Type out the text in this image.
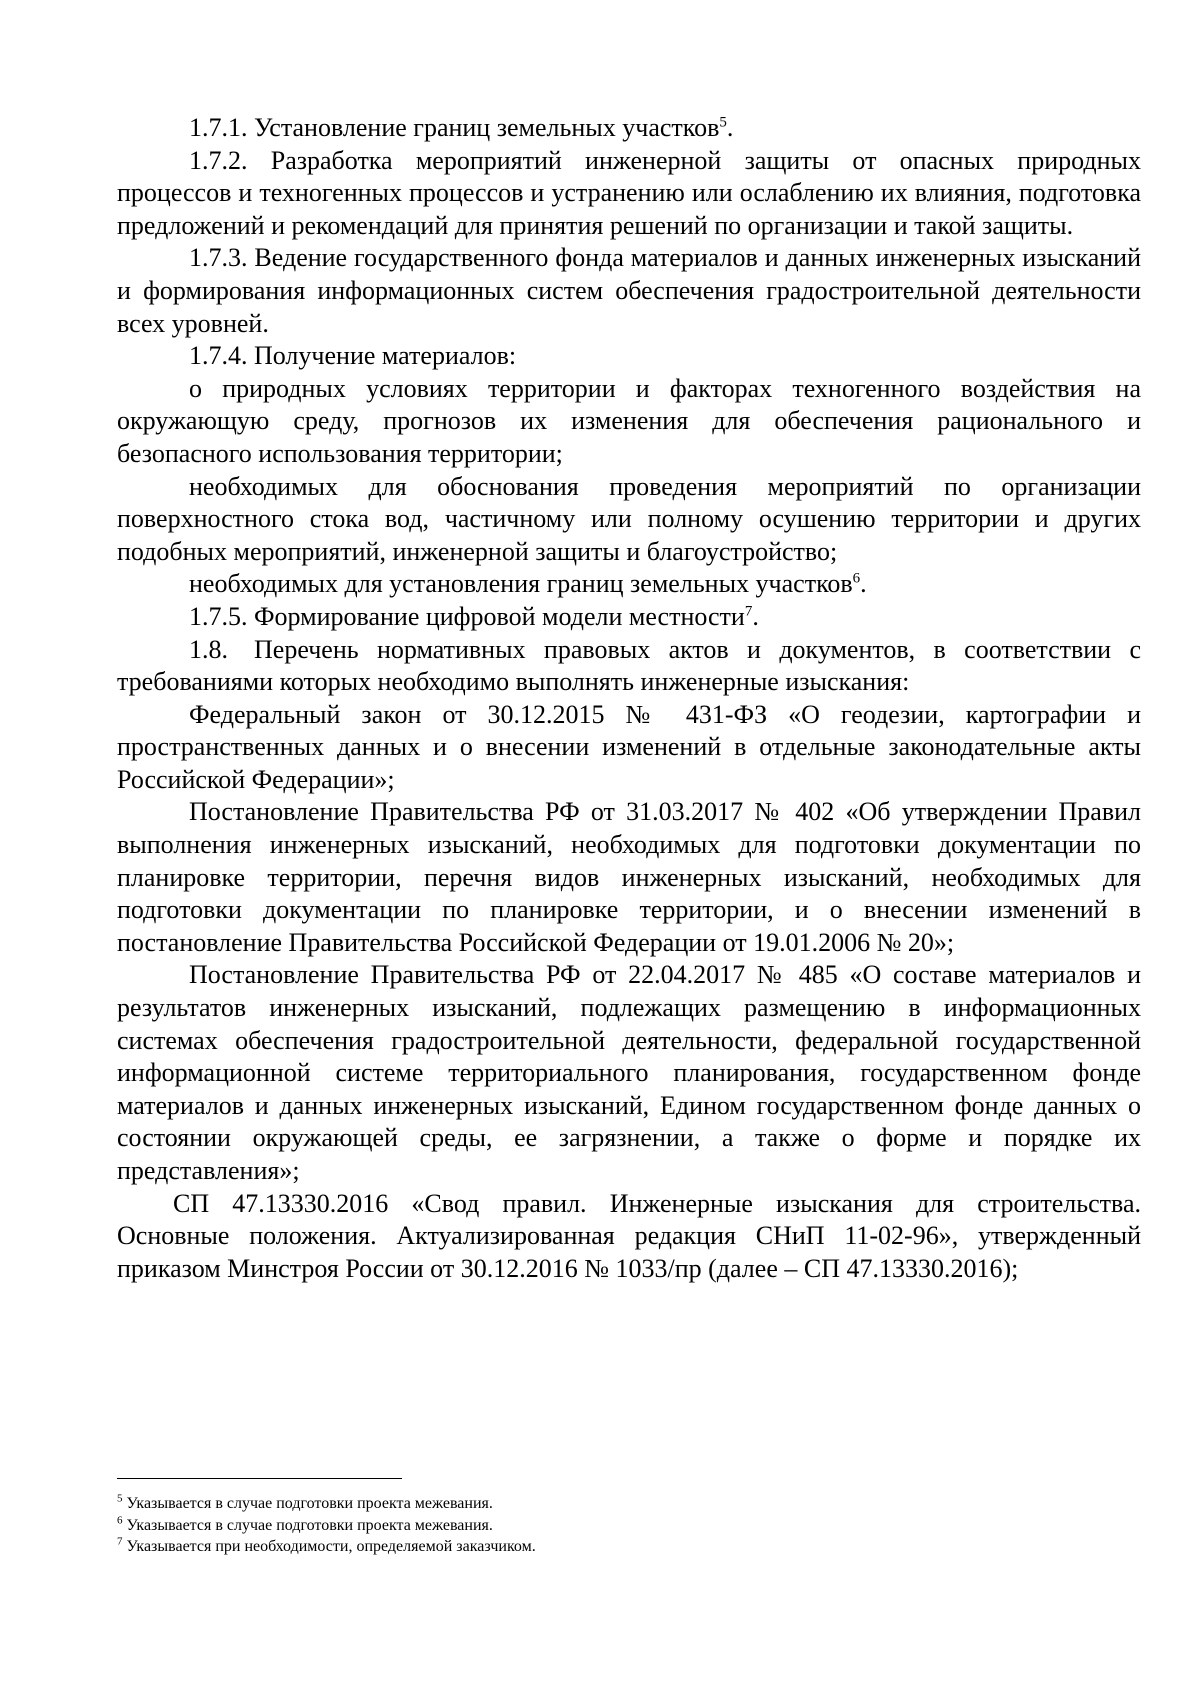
1.7.1. Установление границ земельных участков$^5$.

1.7.2. Разработка мероприятий инженерной защиты от опасных природных процессов и техногенных процессов и устранению или ослаблению их влияния, подготовка предложений и рекомендаций для принятия решений по организации и такой защиты.

1.7.3. Ведение государственного фонда материалов и данных инженерных изысканий и формирования информационных систем обеспечения градостроительной деятельности всех уровней.

1.7.4. Получение материалов:

о природных условиях территории и факторах техногенного воздействия на окружающую среду, прогнозов их изменения для обеспечения рационального и безопасного использования территории;

необходимых для обоснования проведения мероприятий по организации поверхностного стока вод, частичному или полному осушению территории и других подобных мероприятий, инженерной защиты и благоустройство;

необходимых для установления границ земельных участков$^6$.

1.7.5. Формирование цифровой модели местности$^7$.

1.8. Перечень нормативных правовых актов и документов, в соответствии с требованиями которых необходимо выполнять инженерные изыскания:

Федеральный закон от 30.12.2015 № 431-ФЗ «О геодезии, картографии и пространственных данных и о внесении изменений в отдельные законодательные акты Российской Федерации»;

Постановление Правительства РФ от 31.03.2017 № 402 «Об утверждении Правил выполнения инженерных изысканий, необходимых для подготовки документации по планировке территории, перечня видов инженерных изысканий, необходимых для подготовки документации по планировке территории, и о внесении изменений в постановление Правительства Российской Федерации от 19.01.2006 № 20»;

Постановление Правительства РФ от 22.04.2017 № 485 «О составе материалов и результатов инженерных изысканий, подлежащих размещению в информационных системах обеспечения градостроительной деятельности, федеральной государственной информационной системе территориального планирования, государственном фонде материалов и данных инженерных изысканий, Едином государственном фонде данных о состоянии окружающей среды, ее загрязнении, а также о форме и порядке их представления»;

СП 47.13330.2016 «Свод правил. Инженерные изыскания для строительства. Основные положения. Актуализированная редакция СНиП 11-02-96», утвержденный приказом Минстроя России от 30.12.2016 № 1033/пр (далее – СП 47.13330.2016);

$^5$ Указывается в случае подготовки проекта межевания.

$^6$ Указывается в случае подготовки проекта межевания.

$^7$ Указывается при необходимости, определяемой заказчиком.
